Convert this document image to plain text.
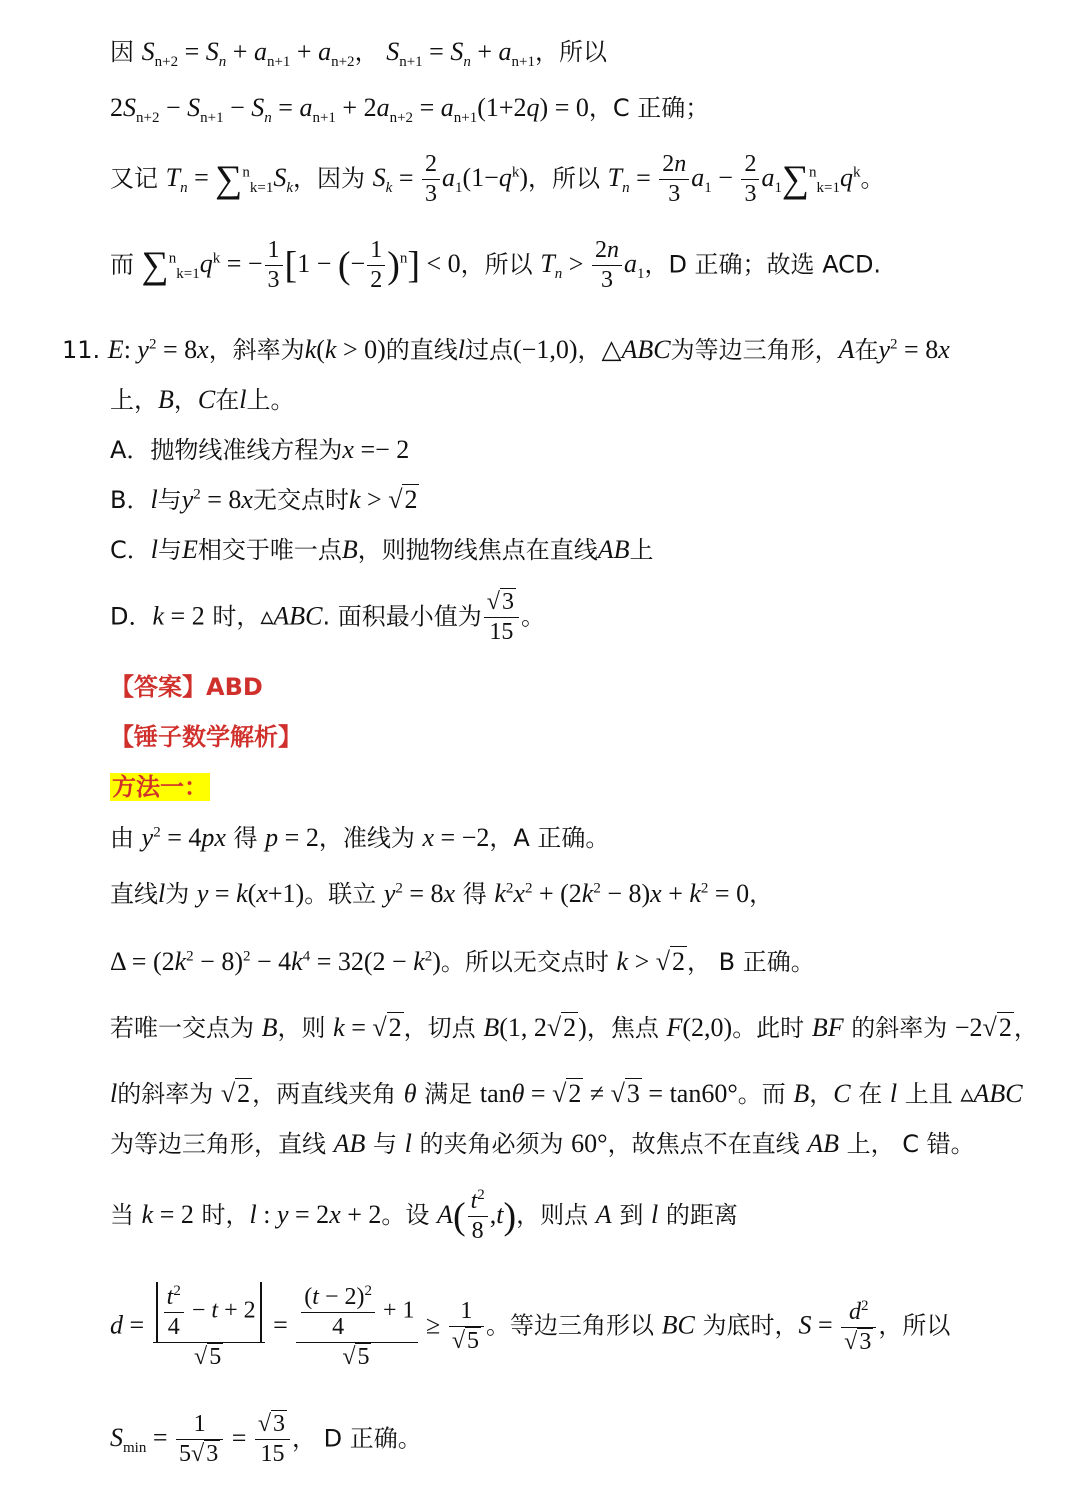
因 $S_{n+2} = S_n + a_{n+1} + a_{n+2}$， $S_{n+1} = S_n + a_{n+1}$，所以
$2S_{n+2} - S_{n+1} - S_n = a_{n+1} + 2a_{n+2} = a_{n+1}(1+2q) = 0$，C 正确；
又记 $T_n = \sum^n_{k=1}S_k$，因为 $S_k = \frac{2}{3} a_1(1-q^k)$，所以 $T_n = \frac{2n}{3} a_1 - \frac{2}{3} a_1\sum^n_{k=1}q^k$。
而 $\sum^n_{k=1}q^k$ = − $\frac{1}{3} [1$ − (− $\frac{1}{2} )^n] < 0$，所以 $T_n > \frac{2n}{3} a_1$，D 正确；故选 ACD.
11. E: $y^2 = 8x$，斜率为k(k > 0)的直线l过点(−1,0)，△ABC为等边三角形，A在$y^2 = 8x$
上，B，C在l上。
A．抛物线准线方程为x =− 2
B．l与$y^2 = 8x$无交点时k > √2
C．l与E相交于唯一点B，则抛物线焦点在直线AB上
D．k = 2 时，▵ABC. 面积最小值为 $\frac{√3}{15}$ 。
【答案】ABD
【锤子数学解析】
方法一：
由 $y^2 = 4px$ 得 p = 2，准线为 x = −2，A 正确。
直线l为 y = k(x+1)。联立 $y^2 = 8x$ 得 $k^2x^2 + (2k^2 - 8)x + k^2 = 0$，
$\Delta = (2k^2 - 8)^2 - 4k^4 = 32(2 - k^2)$。所以无交点时 k > √2， B 正确。
若唯一交点为 B，则 k = √2，切点 B(1, 2√2)，焦点 F(2,0)。此时 BF 的斜率为 −2√2，
l的斜率为 √2，两直线夹角 θ 满足 tanθ = √2 ≠ √3 = tan60°。而 B，C 在 l 上且 ▵ABC
为等边三角形，直线 AB 与 l 的夹角必须为 60°，故焦点不在直线 AB 上， C 错。
当 k = 2 时，l : y = 2x + 2。设 $A( \frac{t^2}{8} ,t)$，则点 A 到 l 的距离
$d = \frac{\frac{t^2}{4} - t + 2}{√5} = \frac{\frac{(t - 2)^2}{4} + 1}{√5} \ge \frac{1}{√5}$ 。等边三角形以 BC 为底时，$S = \frac{d^2}{√3}$ ，所以
$S_{min} = \frac{1}{5√3} = \frac{√3}{15}$ ， D 正确。
